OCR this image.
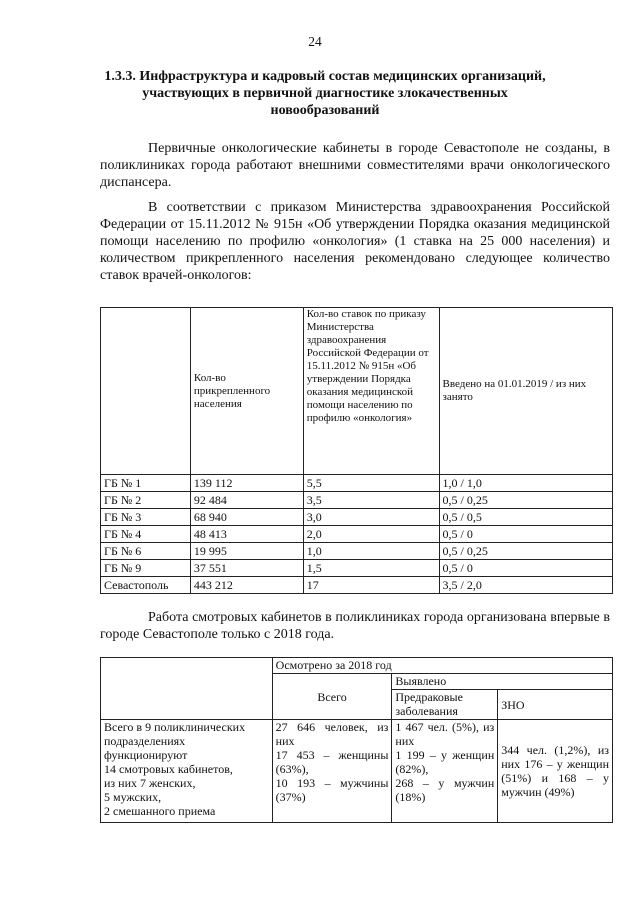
24
1.3.3. Инфраструктура и кадровый состав медицинских организаций, участвующих в первичной диагностике злокачественных новообразований

Первичные онкологические кабинеты в городе Севастополе не созданы, в поликлиниках города работают внешними совместителями врачи онкологического диспансера.

В соответствии с приказом Министерства здравоохранения Российской Федерации от 15.11.2012 № 915н «Об утверждении Порядка оказания медицинской помощи населению по профилю «онкология» (1 ставка на 25 000 населения) и количеством прикрепленного населения рекомендовано следующее количество ставок врачей-онкологов:

	Кол-во прикрепленного населения	Кол-во ставок по приказу Министерства здравоохранения Российской Федерации от 15.11.2012 № 915н «Об утверждении Порядка оказания медицинской помощи населению по профилю «онкология»	Введено на 01.01.2019 / из них занято
ГБ № 1	139 112	5,5	1,0 / 1,0
ГБ № 2	92 484	3,5	0,5 / 0,25
ГБ № 3	68 940	3,0	0,5 / 0,5
ГБ № 4	48 413	2,0	0,5 / 0
ГБ № 6	19 995	1,0	0,5 / 0,25
ГБ № 9	37 551	1,5	0,5 / 0
Севастополь	443 212	17	3,5 / 2,0

Работа смотровых кабинетов в поликлиниках города организована впервые в городе Севастополе только с 2018 года.

	Осмотрено за 2018 год		
	Всего	Выявлено	
		Предраковые заболевания	ЗНО

Всего в 9 поликлинических подразделениях функционируют
14 смотровых кабинетов,
из них 7 женских,
5 мужских,
2 смешанного приема	27 646 человек, из них
17 453 – женщины (63%),
10 193 – мужчины (37%)	1 467 чел. (5%), из них
1 199 – у женщин (82%),
268 – у мужчин (18%)	344 чел. (1,2%), из них 176 – у женщин (51%) и 168 – у мужчин (49%)
